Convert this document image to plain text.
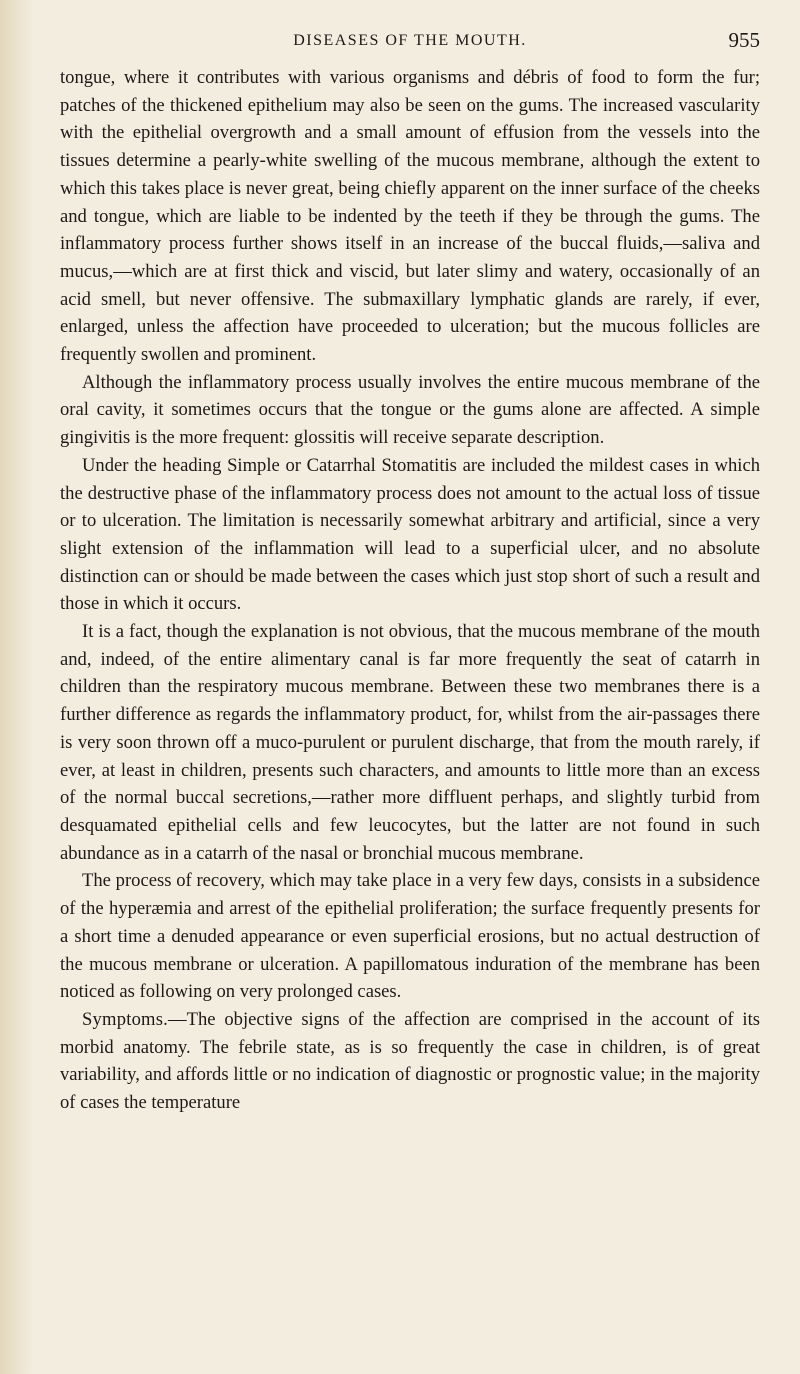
DISEASES OF THE MOUTH.	955

tongue, where it contributes with various organisms and débris of food to form the fur; patches of the thickened epithelium may also be seen on the gums. The increased vascularity with the epithelial overgrowth and a small amount of effusion from the vessels into the tissues determine a pearly-white swelling of the mucous membrane, although the extent to which this takes place is never great, being chiefly apparent on the inner surface of the cheeks and tongue, which are liable to be indented by the teeth if they be through the gums. The inflammatory process further shows itself in an increase of the buccal fluids,—saliva and mucus,—which are at first thick and viscid, but later slimy and watery, occasionally of an acid smell, but never offensive. The submaxillary lymphatic glands are rarely, if ever, enlarged, unless the affection have proceeded to ulceration; but the mucous follicles are frequently swollen and prominent.

Although the inflammatory process usually involves the entire mucous membrane of the oral cavity, it sometimes occurs that the tongue or the gums alone are affected. A simple gingivitis is the more frequent: glossitis will receive separate description.

Under the heading Simple or Catarrhal Stomatitis are included the mildest cases in which the destructive phase of the inflammatory process does not amount to the actual loss of tissue or to ulceration. The limitation is necessarily somewhat arbitrary and artificial, since a very slight extension of the inflammation will lead to a superficial ulcer, and no absolute distinction can or should be made between the cases which just stop short of such a result and those in which it occurs.

It is a fact, though the explanation is not obvious, that the mucous membrane of the mouth and, indeed, of the entire alimentary canal is far more frequently the seat of catarrh in children than the respiratory mucous membrane. Between these two membranes there is a further difference as regards the inflammatory product, for, whilst from the air-passages there is very soon thrown off a muco-purulent or purulent discharge, that from the mouth rarely, if ever, at least in children, presents such characters, and amounts to little more than an excess of the normal buccal secretions,—rather more diffluent perhaps, and slightly turbid from desquamated epithelial cells and few leucocytes, but the latter are not found in such abundance as in a catarrh of the nasal or bronchial mucous membrane.

The process of recovery, which may take place in a very few days, consists in a subsidence of the hyperæmia and arrest of the epithelial proliferation; the surface frequently presents for a short time a denuded appearance or even superficial erosions, but no actual destruction of the mucous membrane or ulceration. A papillomatous induration of the membrane has been noticed as following on very prolonged cases.

Symptoms.—The objective signs of the affection are comprised in the account of its morbid anatomy. The febrile state, as is so frequently the case in children, is of great variability, and affords little or no indication of diagnostic or prognostic value; in the majority of cases the temperature
